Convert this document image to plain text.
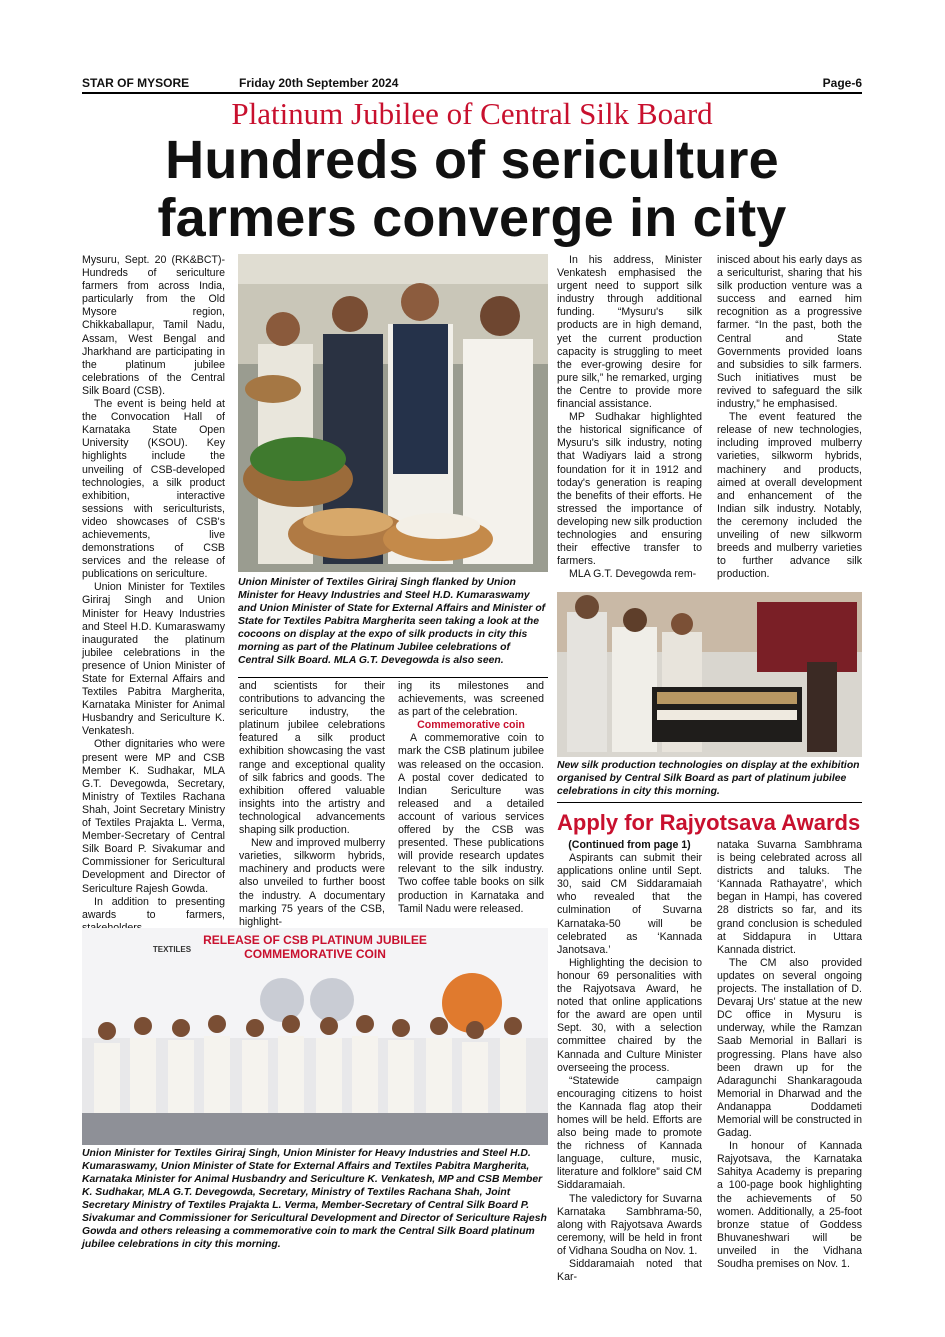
STAR OF MYSORE	Friday 20th September 2024	Page-6
Platinum Jubilee of Central Silk Board
Hundreds of sericulture
farmers converge in city

Mysuru, Sept. 20 (RK&BCT)- Hundreds of sericulture farmers from across India, particularly from the Old Mysore region, Chikkaballapur, Tamil Nadu, Assam, West Bengal and Jharkhand are participating in the platinum jubilee celebrations of the Central Silk Board (CSB).

The event is being held at the Convocation Hall of Karnataka State Open University (KSOU). Key highlights include the unveiling of CSB-developed technologies, a silk product exhibition, interactive sessions with sericulturists, video showcases of CSB's achievements, live demonstrations of CSB services and the release of publications on sericulture.

Union Minister for Textiles Giriraj Singh and Union Minister for Heavy Industries and Steel H.D. Kumaraswamy inaugurated the platinum jubilee celebrations in the presence of Union Minister of State for External Affairs and Textiles Pabitra Margherita, Karnataka Minister for Animal Husbandry and Sericulture K. Venkatesh.

Other dignitaries who were present were MP and CSB Member K. Sudhakar, MLA G.T. Devegowda, Secretary, Ministry of Textiles Rachana Shah, Joint Secretary Ministry of Textiles Prajakta L. Verma, Member-Secretary of Central Silk Board P. Sivakumar and Commissioner for Sericultural Development and Director of Sericulture Rajesh Gowda.

In addition to presenting awards to farmers,

Union Minister of Textiles Giriraj Singh flanked by Union Minister for Heavy Industries and Steel H.D. Kumaraswamy and Union Minister of State for External Affairs and Minister of State for Textiles Pabitra Margherita seen taking a look at the cocoons on display at the expo of silk products in city this morning as part of the Platinum Jubilee celebrations of Central Silk Board. MLA G.T. Devegowda is also seen.

and scientists for their contributions to advancing the sericulture industry, the platinum jubilee celebrations featured a silk product exhibition showcasing the vast range and exceptional quality of silk fabrics and goods. The exhibition offered valuable insights into the artistry and technological advancements shaping silk production.

New and improved mulberry varieties, silkworm hybrids, machinery and products were also unveiled to further boost the industry. A documentary marking 75 years of the CSB, highlight-

ing its milestones and achievements, was screened as part of the celebration.

Commemorative coin

A commemorative coin to mark the CSB platinum jubilee was released on the occasion. A postal cover dedicated to Indian Sericulture was released and a detailed account of various services offered by the CSB was presented. These publications will provide research updates relevant to the silk industry. Two coffee table books on silk production in Karnataka and Tamil Nadu were released.

In his address, Minister Venkatesh emphasised the urgent need to support silk industry through additional funding. “Mysuru's silk products are in high demand, yet the current production capacity is struggling to meet the ever-growing desire for pure silk,” he remarked, urging the Centre to provide more financial assistance.

MP Sudhakar highlighted the historical significance of Mysuru's silk industry, noting that Wadiyars laid a strong foundation for it in 1912 and today's generation is reaping the benefits of their efforts. He stressed the importance of developing new silk production technologies and ensuring their effective transfer to farmers.

MLA G.T. Devegowda rem-

inisced about his early days as a sericulturist, sharing that his silk production venture was a success and earned him recognition as a progressive farmer. “In the past, both the Central and State Governments provided loans and subsidies to silk farmers. Such initiatives must be revived to safeguard the silk industry,” he emphasised.

The event featured the release of new technologies, including improved mulberry varieties, silkworm hybrids, machinery and products, aimed at overall development and enhancement of the Indian silk industry. Notably, the ceremony included the unveiling of new silkworm breeds and mulberry varieties to further advance silk production.

New silk production technologies on display at the exhibition organised by Central Silk Board as part of platinum jubilee celebrations in city this morning.
Apply for Rajyotsava Awards

(Continued from page 1)

Aspirants can submit their applications online until Sept. 30, said CM Siddaramaiah who revealed that the culmination of Suvarna Karnataka-50 will be celebrated as ‘Kannada Janotsava.’

Highlighting the decision to honour 69 personalities with the Rajyotsava Award, he noted that online applications for the award are open until Sept. 30, with a selection committee chaired by the Kannada and Culture Minister overseeing the process.

“Statewide campaign encouraging citizens to hoist the Kannada flag atop their homes will be held. Efforts are also being made to promote the richness of Kannada language, culture, music, literature and folklore” said CM Siddaramaiah.

The valedictory for Suvarna Karnataka Sambhrama-50, along with Rajyotsava Awards ceremony, will be held in front of Vidhana Soudha on Nov. 1.

Siddaramaiah noted that Kar-

nataka Suvarna Sambhrama is being celebrated across all districts and taluks. The ‘Kannada Rathayatre’, which began in Hampi, has covered 28 districts so far, and its grand conclusion is scheduled at Siddapura in Uttara Kannada district.

The CM also provided updates on several ongoing projects. The installation of D. Devaraj Urs' statue at the new DC office in Mysuru is underway, while the Ramzan Saab Memorial in Ballari is progressing. Plans have also been drawn up for the Adaragunchi Shankaragouda Memorial in Dharwad and the Andanappa Doddameti Memorial will be constructed in Gadag.

In honour of Kannada Rajyotsava, the Karnataka Sahitya Academy is preparing a 100-page book highlighting the achievements of 50 women. Additionally, a 25-foot bronze statue of Goddess Bhuvaneshwari will be unveiled in the Vidhana Soudha premises on Nov. 1.

RELEASE OF CSB PLATINUM JUBILEE
COMMEMORATIVE COIN
TEXTILES
Union Minister for Textiles Giriraj Singh, Union Minister for Heavy Industries and Steel H.D. Kumaraswamy, Union Minister of State for External Affairs and Textiles Pabitra Margherita, Karnataka Minister for Animal Husbandry and Sericulture K. Venkatesh, MP and CSB Member K. Sudhakar, MLA G.T. Devegowda, Secretary, Ministry of Textiles Rachana Shah, Joint Secretary Ministry of Textiles Prajakta L. Verma, Member-Secretary of Central Silk Board P. Sivakumar and Commissioner for Sericultural Development and Director of Sericulture Rajesh Gowda and others releasing a commemorative coin to mark the Central Silk Board platinum jubilee celebrations in city this morning.
